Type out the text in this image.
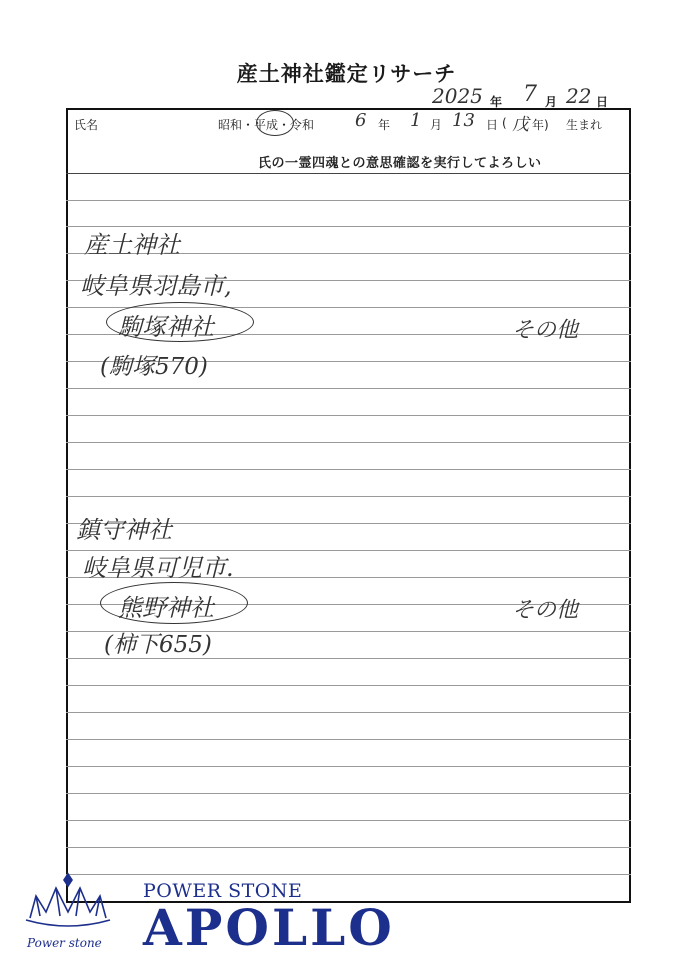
産土神社鑑定リサーチ
2025 年 7 月 22 日
氏名	昭和・平成・令和 6 年 1 月 13 日 ( 戊 年) 生まれ
氏の一霊四魂との意思確認を実行してよろしい
産土神社
岐阜県羽島市,
駒塚神社
(駒塚570)
その他
鎮守神社
岐阜県可児市.
熊野神社
(柿下655)
その他
Power stone
POWER STONE
APOLLO
